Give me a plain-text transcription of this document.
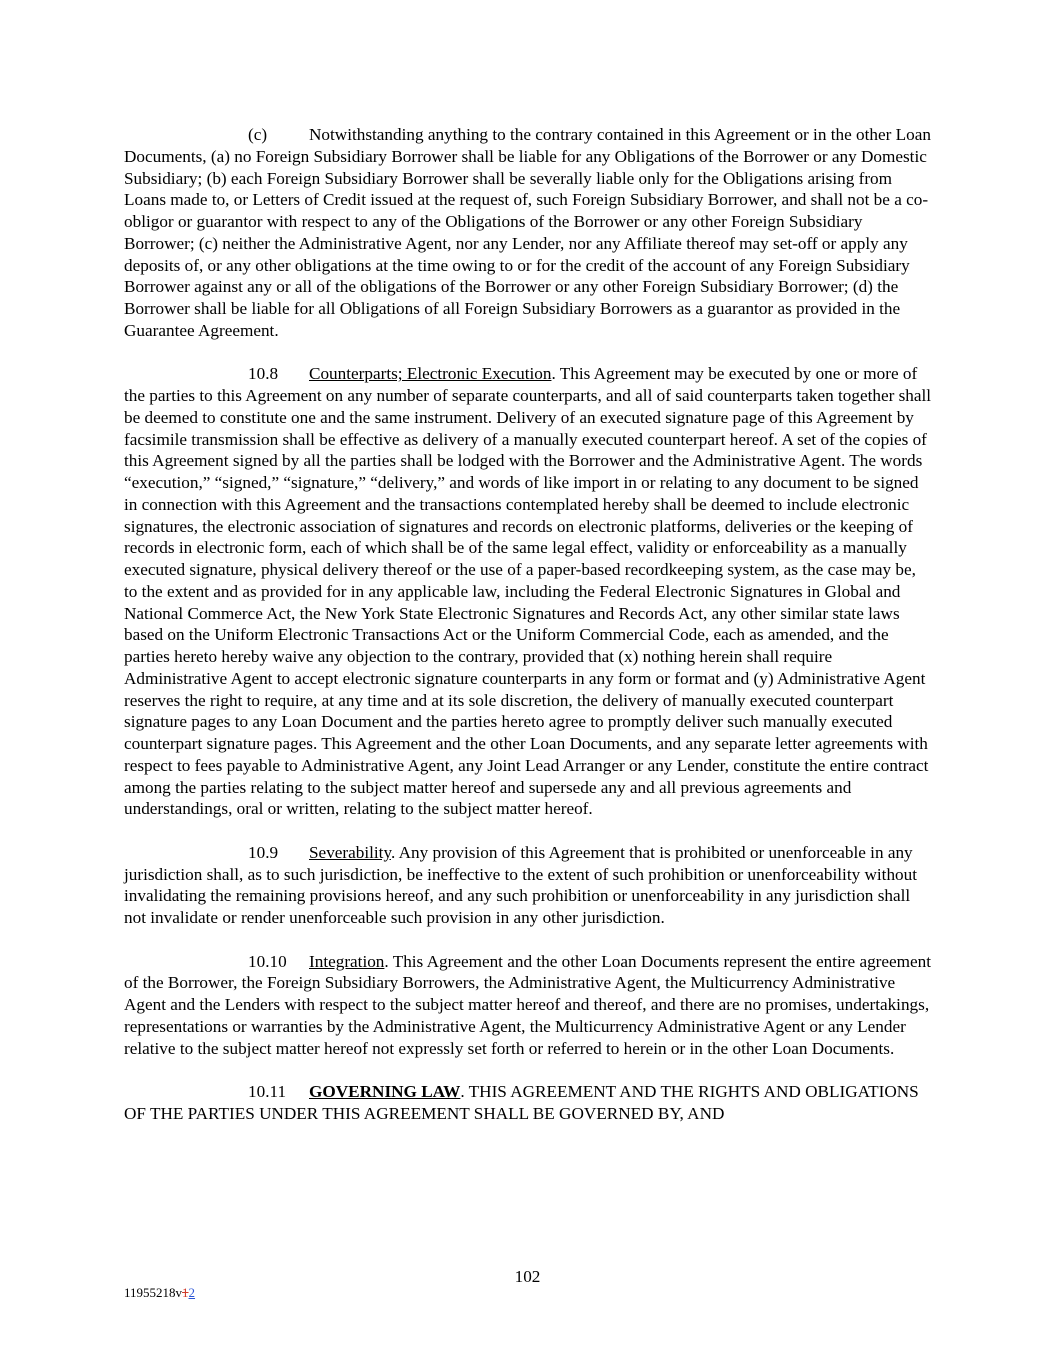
(c) Notwithstanding anything to the contrary contained in this Agreement or in the other Loan Documents, (a) no Foreign Subsidiary Borrower shall be liable for any Obligations of the Borrower or any Domestic Subsidiary; (b) each Foreign Subsidiary Borrower shall be severally liable only for the Obligations arising from Loans made to, or Letters of Credit issued at the request of, such Foreign Subsidiary Borrower, and shall not be a co-obligor or guarantor with respect to any of the Obligations of the Borrower or any other Foreign Subsidiary Borrower; (c) neither the Administrative Agent, nor any Lender, nor any Affiliate thereof may set-off or apply any deposits of, or any other obligations at the time owing to or for the credit of the account of any Foreign Subsidiary Borrower against any or all of the obligations of the Borrower or any other Foreign Subsidiary Borrower; (d) the Borrower shall be liable for all Obligations of all Foreign Subsidiary Borrowers as a guarantor as provided in the Guarantee Agreement.

10.8 Counterparts; Electronic Execution. This Agreement may be executed by one or more of the parties to this Agreement on any number of separate counterparts, and all of said counterparts taken together shall be deemed to constitute one and the same instrument. Delivery of an executed signature page of this Agreement by facsimile transmission shall be effective as delivery of a manually executed counterpart hereof. A set of the copies of this Agreement signed by all the parties shall be lodged with the Borrower and the Administrative Agent. The words “execution,” “signed,” “signature,” “delivery,” and words of like import in or relating to any document to be signed in connection with this Agreement and the transactions contemplated hereby shall be deemed to include electronic signatures, the electronic association of signatures and records on electronic platforms, deliveries or the keeping of records in electronic form, each of which shall be of the same legal effect, validity or enforceability as a manually executed signature, physical delivery thereof or the use of a paper-based recordkeeping system, as the case may be, to the extent and as provided for in any applicable law, including the Federal Electronic Signatures in Global and National Commerce Act, the New York State Electronic Signatures and Records Act, any other similar state laws based on the Uniform Electronic Transactions Act or the Uniform Commercial Code, each as amended, and the parties hereto hereby waive any objection to the contrary, provided that (x) nothing herein shall require Administrative Agent to accept electronic signature counterparts in any form or format and (y) Administrative Agent reserves the right to require, at any time and at its sole discretion, the delivery of manually executed counterpart signature pages to any Loan Document and the parties hereto agree to promptly deliver such manually executed counterpart signature pages. This Agreement and the other Loan Documents, and any separate letter agreements with respect to fees payable to Administrative Agent, any Joint Lead Arranger or any Lender, constitute the entire contract among the parties relating to the subject matter hereof and supersede any and all previous agreements and understandings, oral or written, relating to the subject matter hereof.

10.9 Severability. Any provision of this Agreement that is prohibited or unenforceable in any jurisdiction shall, as to such jurisdiction, be ineffective to the extent of such prohibition or unenforceability without invalidating the remaining provisions hereof, and any such prohibition or unenforceability in any jurisdiction shall not invalidate or render unenforceable such provision in any other jurisdiction.

10.10 Integration. This Agreement and the other Loan Documents represent the entire agreement of the Borrower, the Foreign Subsidiary Borrowers, the Administrative Agent, the Multicurrency Administrative Agent and the Lenders with respect to the subject matter hereof and thereof, and there are no promises, undertakings, representations or warranties by the Administrative Agent, the Multicurrency Administrative Agent or any Lender relative to the subject matter hereof not expressly set forth or referred to herein or in the other Loan Documents.

10.11 GOVERNING LAW. THIS AGREEMENT AND THE RIGHTS AND OBLIGATIONS OF THE PARTIES UNDER THIS AGREEMENT SHALL BE GOVERNED BY, AND

102
11955218v12
